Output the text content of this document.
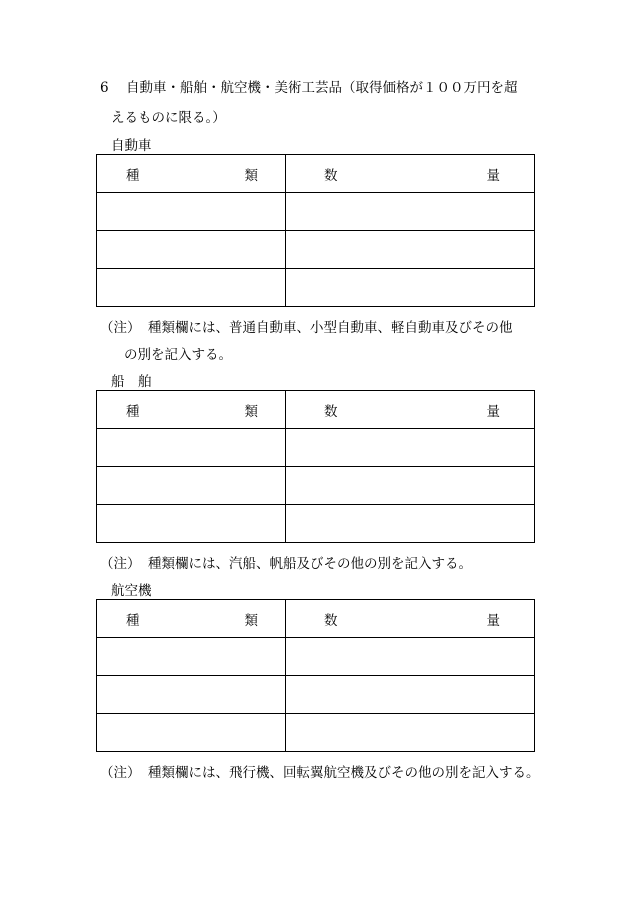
6 自動車・船舶・航空機・美術工芸品（取得価格が１００万円を超
えるものに限る。）
自動車
種 類	数 量

（注） 種類欄には、普通自動車、小型自動車、軽自動車及びその他
の別を記入する。
船　舶
種 類	数 量

（注） 種類欄には、汽船、帆船及びその他の別を記入する。
航空機
種 類	数 量

（注） 種類欄には、飛行機、回転翼航空機及びその他の別を記入する。
